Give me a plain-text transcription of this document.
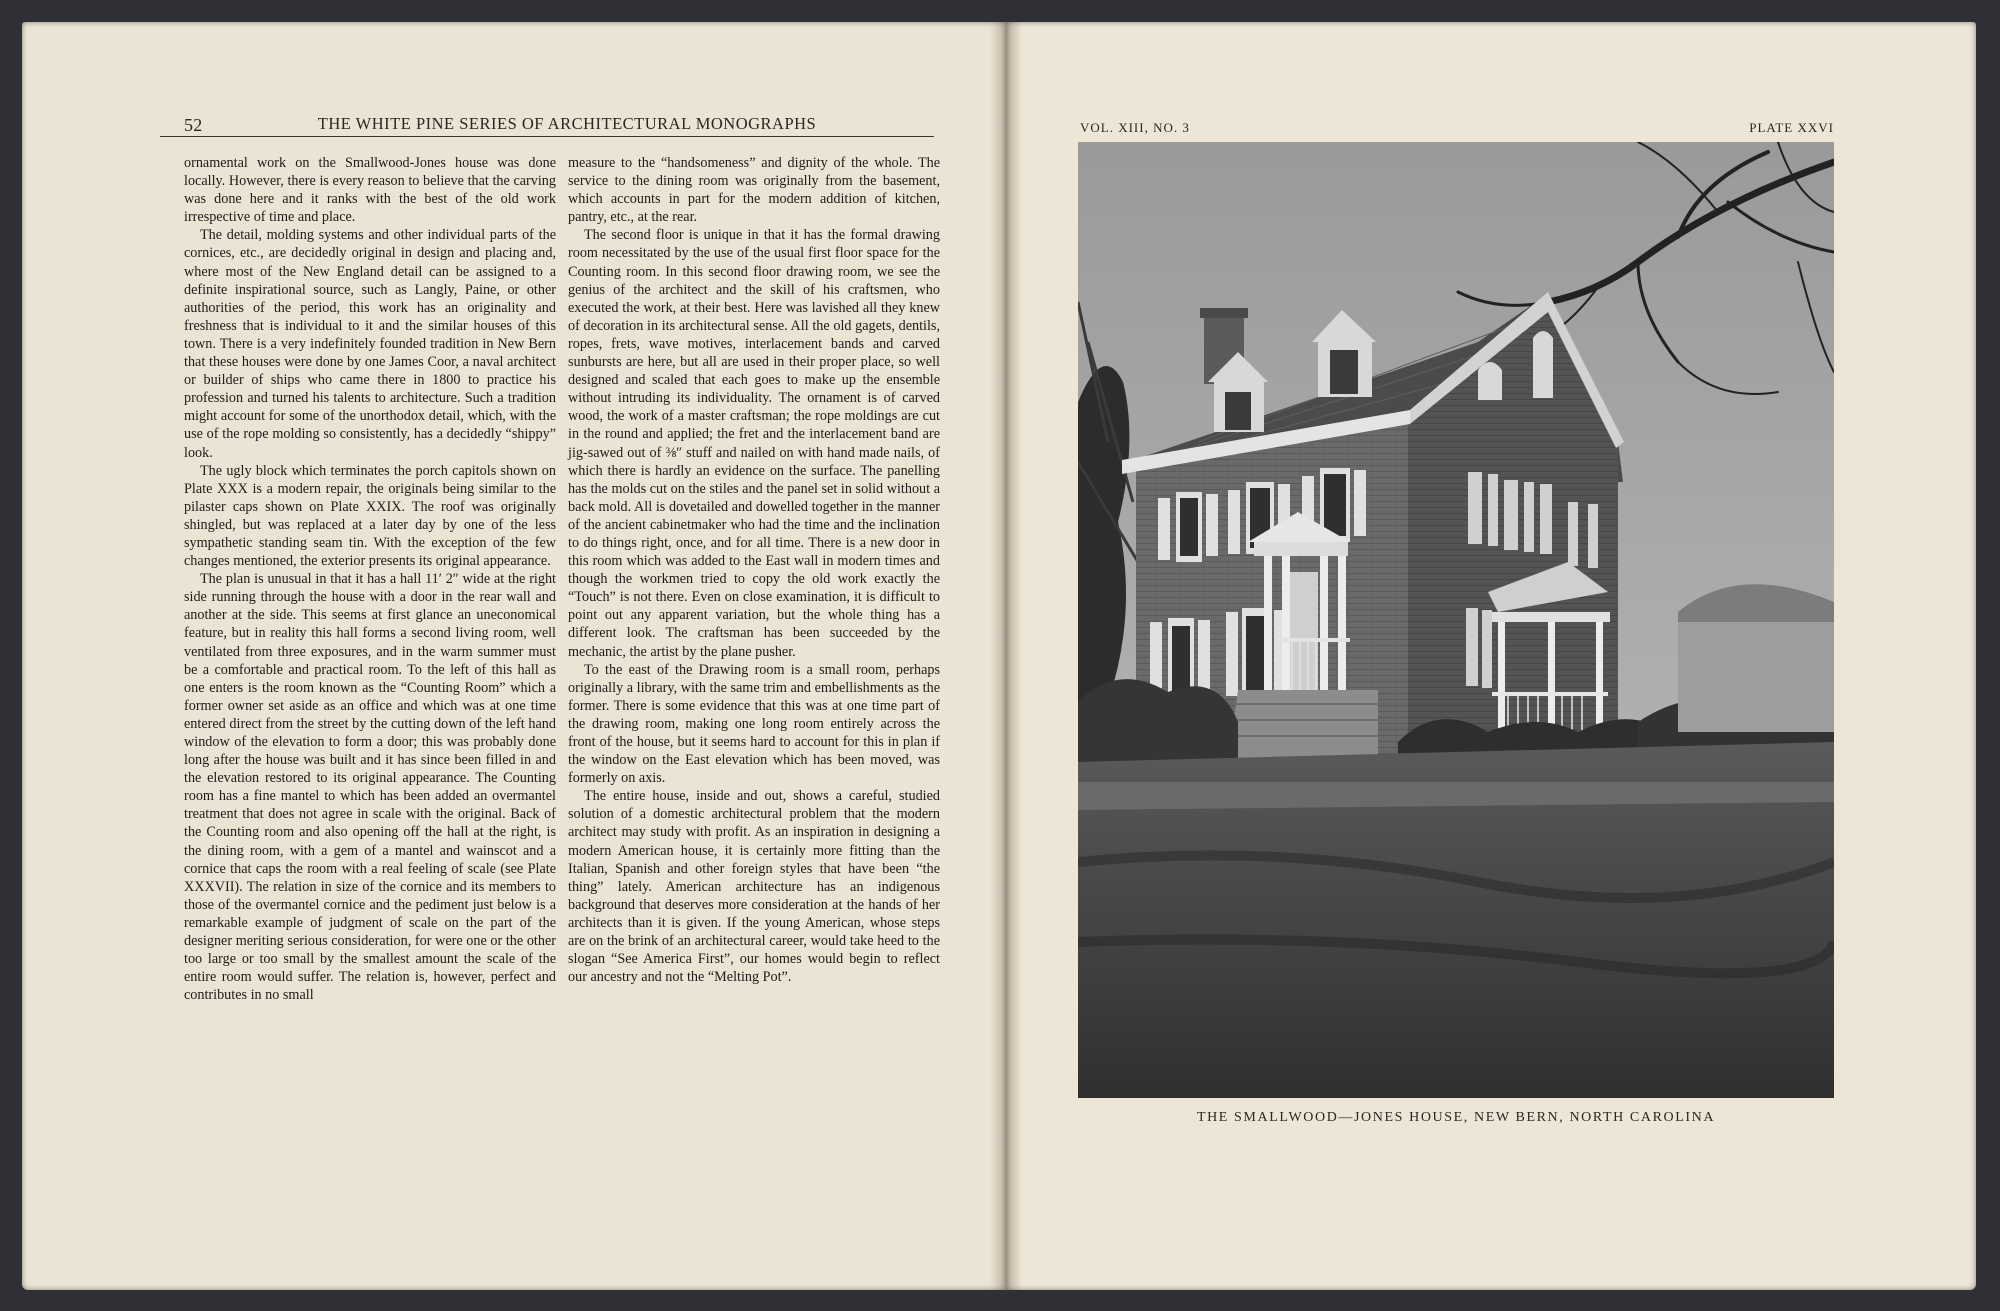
52	THE WHITE PINE SERIES OF ARCHITECTURAL MONOGRAPHS

ornamental work on the Smallwood-Jones house was done locally. However, there is every reason to believe that the carving was done here and it ranks with the best of the old work irrespective of time and place.

The detail, molding systems and other individual parts of the cornices, etc., are decidedly original in design and placing and, where most of the New England detail can be assigned to a definite inspirational source, such as Langly, Paine, or other authorities of the period, this work has an originality and freshness that is individual to it and the similar houses of this town. There is a very indefinitely founded tradition in New Bern that these houses were done by one James Coor, a naval architect or builder of ships who came there in 1800 to practice his profession and turned his talents to architecture. Such a tradition might account for some of the unorthodox detail, which, with the use of the rope molding so consistently, has a decidedly “shippy” look.

The ugly block which terminates the porch capitols shown on Plate XXX is a modern repair, the originals being similar to the pilaster caps shown on Plate XXIX. The roof was originally shingled, but was replaced at a later day by one of the less sympathetic standing seam tin. With the exception of the few changes mentioned, the exterior presents its original appearance.

The plan is unusual in that it has a hall 11′ 2″ wide at the right side running through the house with a door in the rear wall and another at the side. This seems at first glance an uneconomical feature, but in reality this hall forms a second living room, well ventilated from three exposures, and in the warm summer must be a comfortable and practical room. To the left of this hall as one enters is the room known as the “Counting Room” which a former owner set aside as an office and which was at one time entered direct from the street by the cutting down of the left hand window of the elevation to form a door; this was probably done long after the house was built and it has since been filled in and the elevation restored to its original appearance. The Counting room has a fine mantel to which has been added an overmantel treatment that does not agree in scale with the original. Back of the Counting room and also opening off the hall at the right, is the dining room, with a gem of a mantel and wainscot and a cornice that caps the room with a real feeling of scale (see Plate XXXVII). The relation in size of the cornice and its members to those of the overmantel cornice and the pediment just below is a remarkable example of judgment of scale on the part of the designer meriting serious consideration, for were one or the other too large or too small by the smallest amount the scale of the entire room would suffer. The relation is, however, perfect and contributes in no small

measure to the “handsomeness” and dignity of the whole. The service to the dining room was originally from the basement, which accounts in part for the modern addition of kitchen, pantry, etc., at the rear.

The second floor is unique in that it has the formal drawing room necessitated by the use of the usual first floor space for the Counting room. In this second floor drawing room, we see the genius of the architect and the skill of his craftsmen, who executed the work, at their best. Here was lavished all they knew of decoration in its architectural sense. All the old gagets, dentils, ropes, frets, wave motives, interlacement bands and carved sunbursts are here, but all are used in their proper place, so well designed and scaled that each goes to make up the ensemble without intruding its individuality. The ornament is of carved wood, the work of a master craftsman; the rope moldings are cut in the round and applied; the fret and the interlacement band are jig-sawed out of ⅜″ stuff and nailed on with hand made nails, of which there is hardly an evidence on the surface. The panelling has the molds cut on the stiles and the panel set in solid without a back mold. All is dovetailed and dowelled together in the manner of the ancient cabinetmaker who had the time and the inclination to do things right, once, and for all time. There is a new door in this room which was added to the East wall in modern times and though the workmen tried to copy the old work exactly the “Touch” is not there. Even on close examination, it is difficult to point out any apparent variation, but the whole thing has a different look. The craftsman has been succeeded by the mechanic, the artist by the plane pusher.

To the east of the Drawing room is a small room, perhaps originally a library, with the same trim and embellishments as the former. There is some evidence that this was at one time part of the drawing room, making one long room entirely across the front of the house, but it seems hard to account for this in plan if the window on the East elevation which has been moved, was formerly on axis.

The entire house, inside and out, shows a careful, studied solution of a domestic architectural problem that the modern architect may study with profit. As an inspiration in designing a modern American house, it is certainly more fitting than the Italian, Spanish and other foreign styles that have been “the thing” lately. American architecture has an indigenous background that deserves more consideration at the hands of her architects than it is given. If the young American, whose steps are on the brink of an architectural career, would take heed to the slogan “See America First”, our homes would begin to reflect our ancestry and not the “Melting Pot”.

VOL. XIII, NO. 3	PLATE XXVI
THE SMALLWOOD—JONES HOUSE, NEW BERN, NORTH CAROLINA
